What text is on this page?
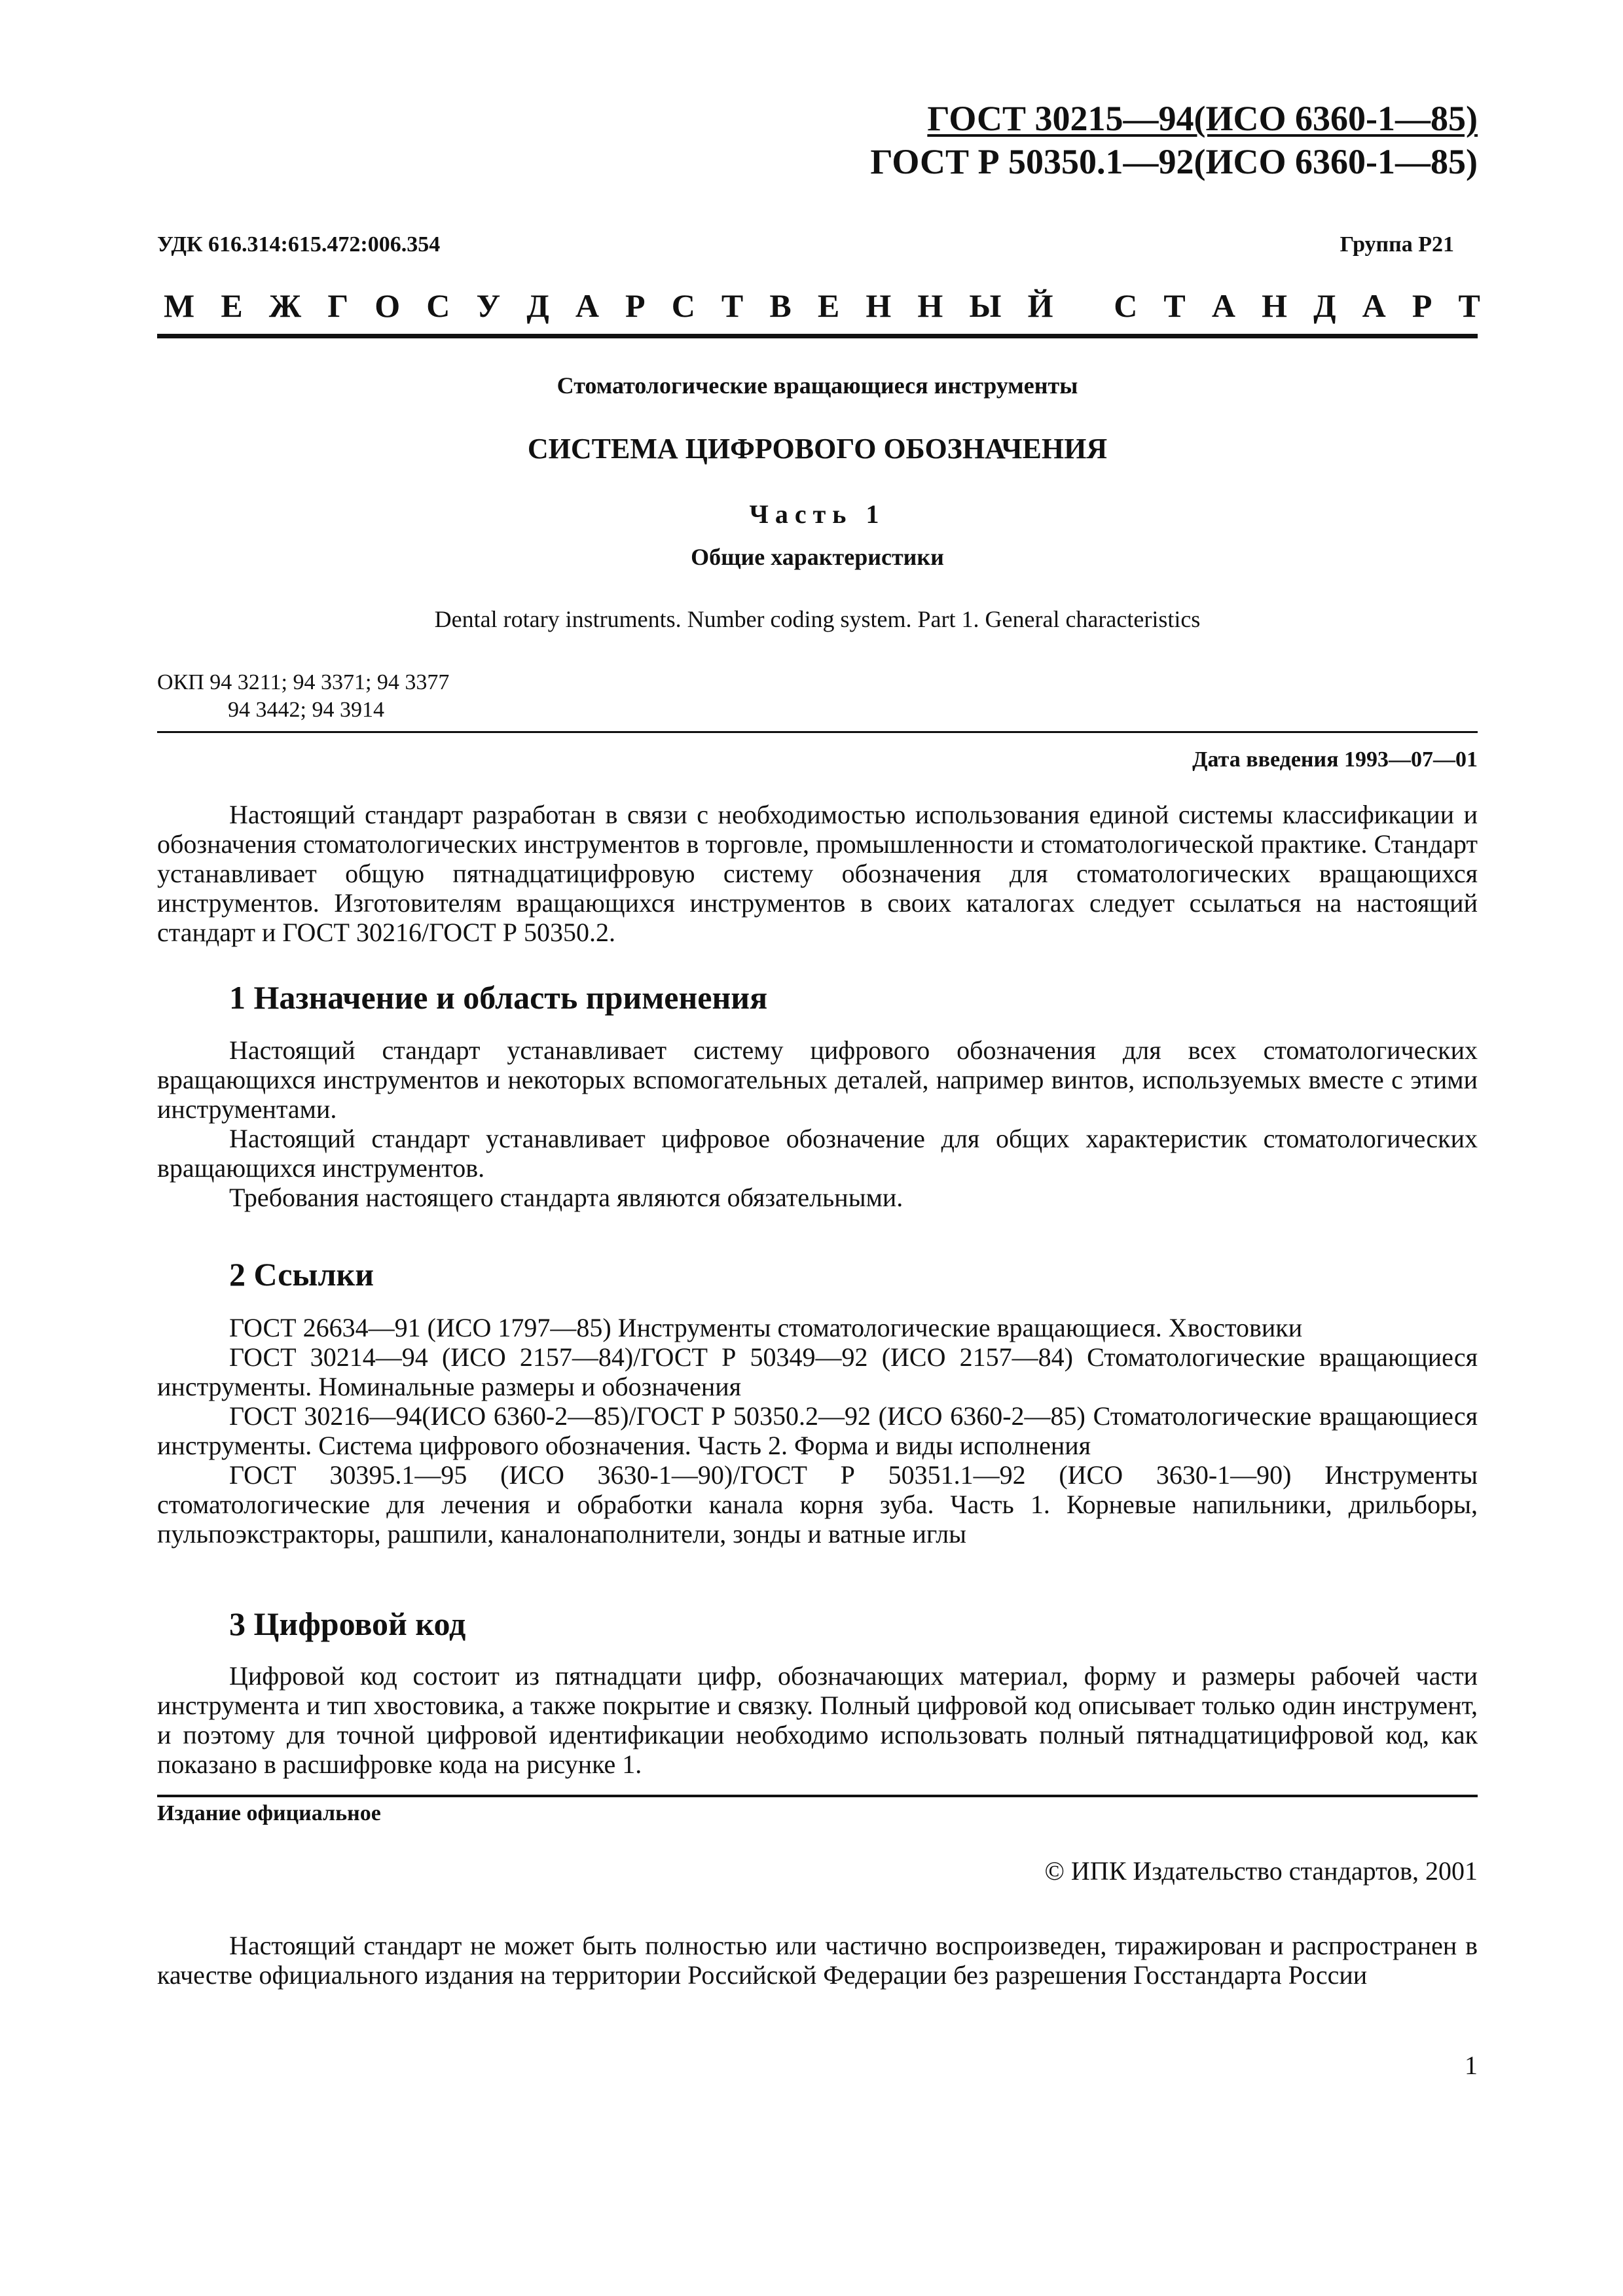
ГОСТ 30215—94(ИСО 6360-1—85)
ГОСТ Р 50350.1—92(ИСО 6360-1—85)
УДК 616.314:615.472:006.354	Группа Р21
М Е Ж Г О С У Д А Р С Т В Е Н Н Ы Й
С Т А Н Д А Р Т
Стоматологические вращающиеся инструменты
СИСТЕМА ЦИФРОВОГО ОБОЗНАЧЕНИЯ
Часть 1
Общие характеристики
Dental rotary instruments. Number coding system. Part 1. General characteristics
ОКП 94 3211; 94 3371; 94 3377
94 3442; 94 3914
Дата введения 1993—07—01

Настоящий стандарт разработан в связи с необходимостью использования единой системы классификации и обозначения стоматологических инструментов в торговле, промышленности и стоматологической практике. Стандарт устанавливает общую пятнадцатицифровую систему обозначения для стоматологических вращающихся инструментов. Изготовителям вращающихся инструментов в своих каталогах следует ссылаться на настоящий стандарт и ГОСТ 30216/ГОСТ Р 50350.2.

1 Назначение и область применения

Настоящий стандарт устанавливает систему цифрового обозначения для всех стоматологических вращающихся инструментов и некоторых вспомогательных деталей, например винтов, используемых вместе с этими инструментами.

Настоящий стандарт устанавливает цифровое обозначение для общих характеристик стоматологических вращающихся инструментов.

Требования настоящего стандарта являются обязательными.

2 Ссылки

ГОСТ 26634—91 (ИСО 1797—85) Инструменты стоматологические вращающиеся. Хвостовики

ГОСТ 30214—94 (ИСО 2157—84)/ГОСТ Р 50349—92 (ИСО 2157—84) Стоматологические вращающиеся инструменты. Номинальные размеры и обозначения

ГОСТ 30216—94(ИСО 6360-2—85)/ГОСТ Р 50350.2—92 (ИСО 6360-2—85) Стоматологические вращающиеся инструменты. Система цифрового обозначения. Часть 2. Форма и виды исполнения

ГОСТ 30395.1—95 (ИСО 3630-1—90)/ГОСТ Р 50351.1—92 (ИСО 3630-1—90) Инструменты стоматологические для лечения и обработки канала корня зуба. Часть 1. Корневые напильники, дрильборы, пульпоэкстракторы, рашпили, каналонаполнители, зонды и ватные иглы

3 Цифровой код

Цифровой код состоит из пятнадцати цифр, обозначающих материал, форму и размеры рабочей части инструмента и тип хвостовика, а также покрытие и связку. Полный цифровой код описывает только один инструмент, и поэтому для точной цифровой идентификации необходимо использовать полный пятнадцатицифровой код, как показано в расшифровке кода на рисунке 1.

Издание официальное
© ИПК Издательство стандартов, 2001

Настоящий стандарт не может быть полностью или частично воспроизведен, тиражирован и распространен в качестве официального издания на территории Российской Федерации без разрешения Госстандарта России

1
